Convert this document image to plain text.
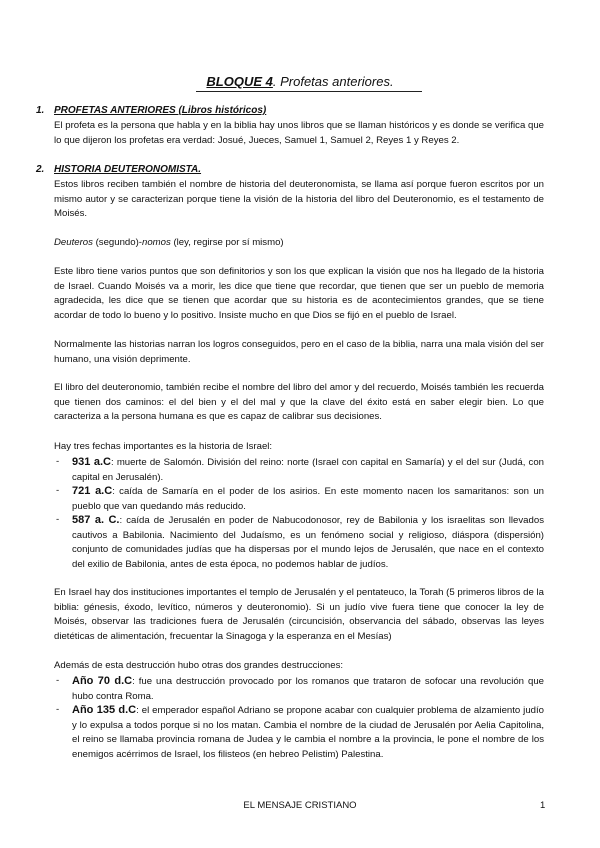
BLOQUE 4. Profetas anteriores.
1. PROFETAS ANTERIORES (Libros históricos)
El profeta es la persona que habla y en la biblia hay unos libros que se llaman históricos y es donde se verifica que lo que dijeron los profetas era verdad: Josué, Jueces, Samuel 1, Samuel 2, Reyes 1 y Reyes 2.
2. HISTORIA DEUTERONOMISTA.
Estos libros reciben también el nombre de historia del deuteronomista, se llama así porque fueron escritos por un mismo autor y se caracterizan porque tiene la visión de la historia del libro del Deuteronomio, es el testamento de Moisés.
Deuteros (segundo)-nomos (ley, regirse por sí mismo)
Este libro tiene varios puntos que son definitorios y son los que explican la visión que nos ha llegado de la historia de Israel. Cuando Moisés va a morir, les dice que tiene que recordar, que tienen que ser un pueblo de memoria agradecida, les dice que se tienen que acordar que su historia es de acontecimientos grandes, que se tiene acordar de todo lo bueno y lo positivo. Insiste mucho en que Dios se fijó en el pueblo de Israel.
Normalmente las historias narran los logros conseguidos, pero en el caso de la biblia, narra una mala visión del ser humano, una visión deprimente.
El libro del deuteronomio, también recibe el nombre del libro del amor y del recuerdo, Moisés también les recuerda que tienen dos caminos: el del bien y el del mal y que la clave del éxito está en saber elegir bien. Lo que caracteriza a la persona humana es que es capaz de calibrar sus decisiones.
Hay tres fechas importantes es la historia de Israel:
- 931 a.C: muerte de Salomón. División del reino: norte (Israel con capital en Samaría) y el del sur (Judá, con capital en Jerusalén).
- 721 a.C: caída de Samaría en el poder de los asirios. En este momento nacen los samaritanos: son un pueblo que van quedando más reducido.
- 587 a. C.: caída de Jerusalén en poder de Nabucodonosor, rey de Babilonia y los israelitas son llevados cautivos a Babilonia. Nacimiento del Judaísmo, es un fenómeno social y religioso, diáspora (dispersión) conjunto de comunidades judías que ha dispersas por el mundo lejos de Jerusalén, que nace en el contexto del exilio de Babilonia, antes de esta época, no podemos hablar de judíos.
En Israel hay dos instituciones importantes el templo de Jerusalén y el pentateuco, la Torah (5 primeros libros de la biblia: génesis, éxodo, levítico, números y deuteronomio). Si un judío vive fuera tiene que conocer la ley de Moisés, observar las tradiciones fuera de Jerusalén (circuncisión, observancia del sábado, observas las leyes dietéticas de alimentación, frecuentar la Sinagoga y la esperanza en el Mesías)
Además de esta destrucción hubo otras dos grandes destrucciones:
- Año 70 d.C: fue una destrucción provocado por los romanos que trataron de sofocar una revolución que hubo contra Roma.
- Año 135 d.C: el emperador español Adriano se propone acabar con cualquier problema de alzamiento judío y lo expulsa a todos porque si no los matan. Cambia el nombre de la ciudad de Jerusalén por Aelia Capitolina, el reino se llamaba provincia romana de Judea y le cambia el nombre a la provincia, le pone el nombre de los enemigos acérrimos de Israel, los filisteos (en hebreo Pelistim) Palestina.
EL MENSAJE CRISTIANO	1
